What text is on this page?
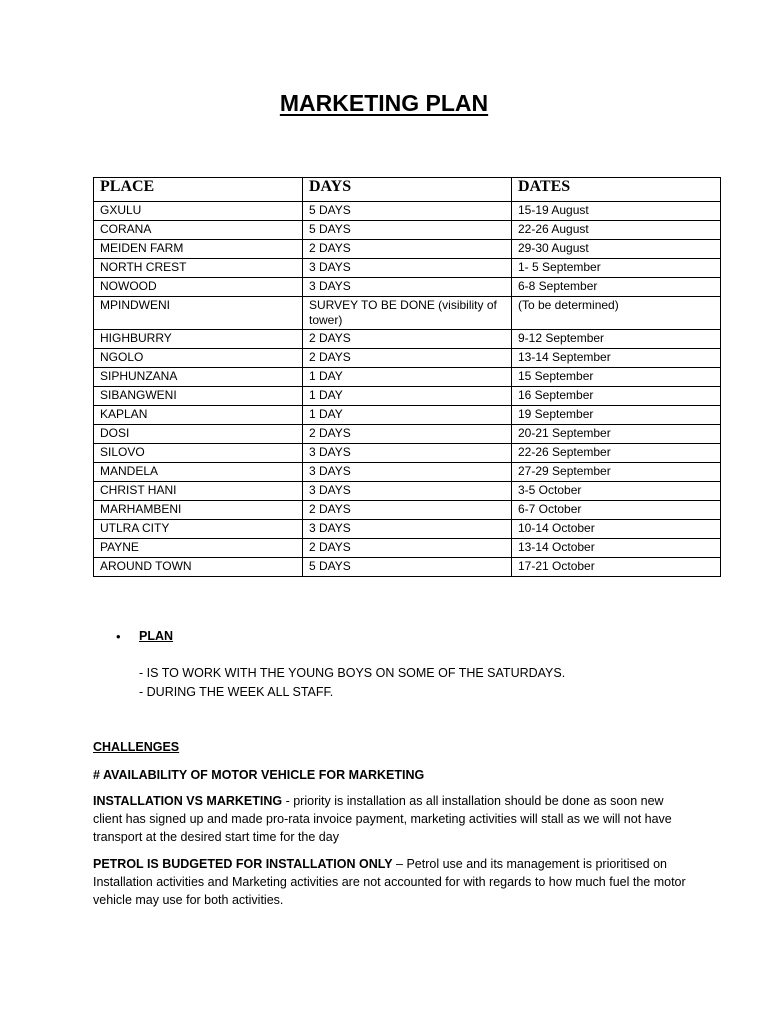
MARKETING PLAN
PLACE	DAYS	DATES
GXULU	5 DAYS	15-19 August
CORANA	5 DAYS	22-26 August
MEIDEN FARM	2 DAYS	29-30 August
NORTH CREST	3 DAYS	1- 5 September
NOWOOD	3 DAYS	6-8 September
MPINDWENI	SURVEY TO BE DONE (visibility of tower)	(To be determined)
HIGHBURRY	2 DAYS	9-12 September
NGOLO	2 DAYS	13-14 September
SIPHUNZANA	1 DAY	15 September
SIBANGWENI	1 DAY	16 September
KAPLAN	1 DAY	19 September
DOSI	2 DAYS	20-21 September
SILOVO	3 DAYS	22-26 September
MANDELA	3 DAYS	27-29 September
CHRIST HANI	3 DAYS	3-5 October
MARHAMBENI	2 DAYS	6-7 October
UTLRA CITY	3 DAYS	10-14 October
PAYNE	2 DAYS	13-14 October
AROUND TOWN	5 DAYS	17-21 October
• PLAN
- IS TO WORK WITH THE YOUNG BOYS ON SOME OF THE SATURDAYS.
- DURING THE WEEK ALL STAFF.
CHALLENGES
# AVAILABILITY OF MOTOR VEHICLE FOR MARKETING
INSTALLATION VS MARKETING - priority is installation as all installation should be done as soon new client has signed up and made pro-rata invoice payment, marketing activities will stall as we will not have transport at the desired start time for the day
PETROL IS BUDGETED FOR INSTALLATION ONLY – Petrol use and its management is prioritised on Installation activities and Marketing activities are not accounted for with regards to how much fuel the motor vehicle may use for both activities.
